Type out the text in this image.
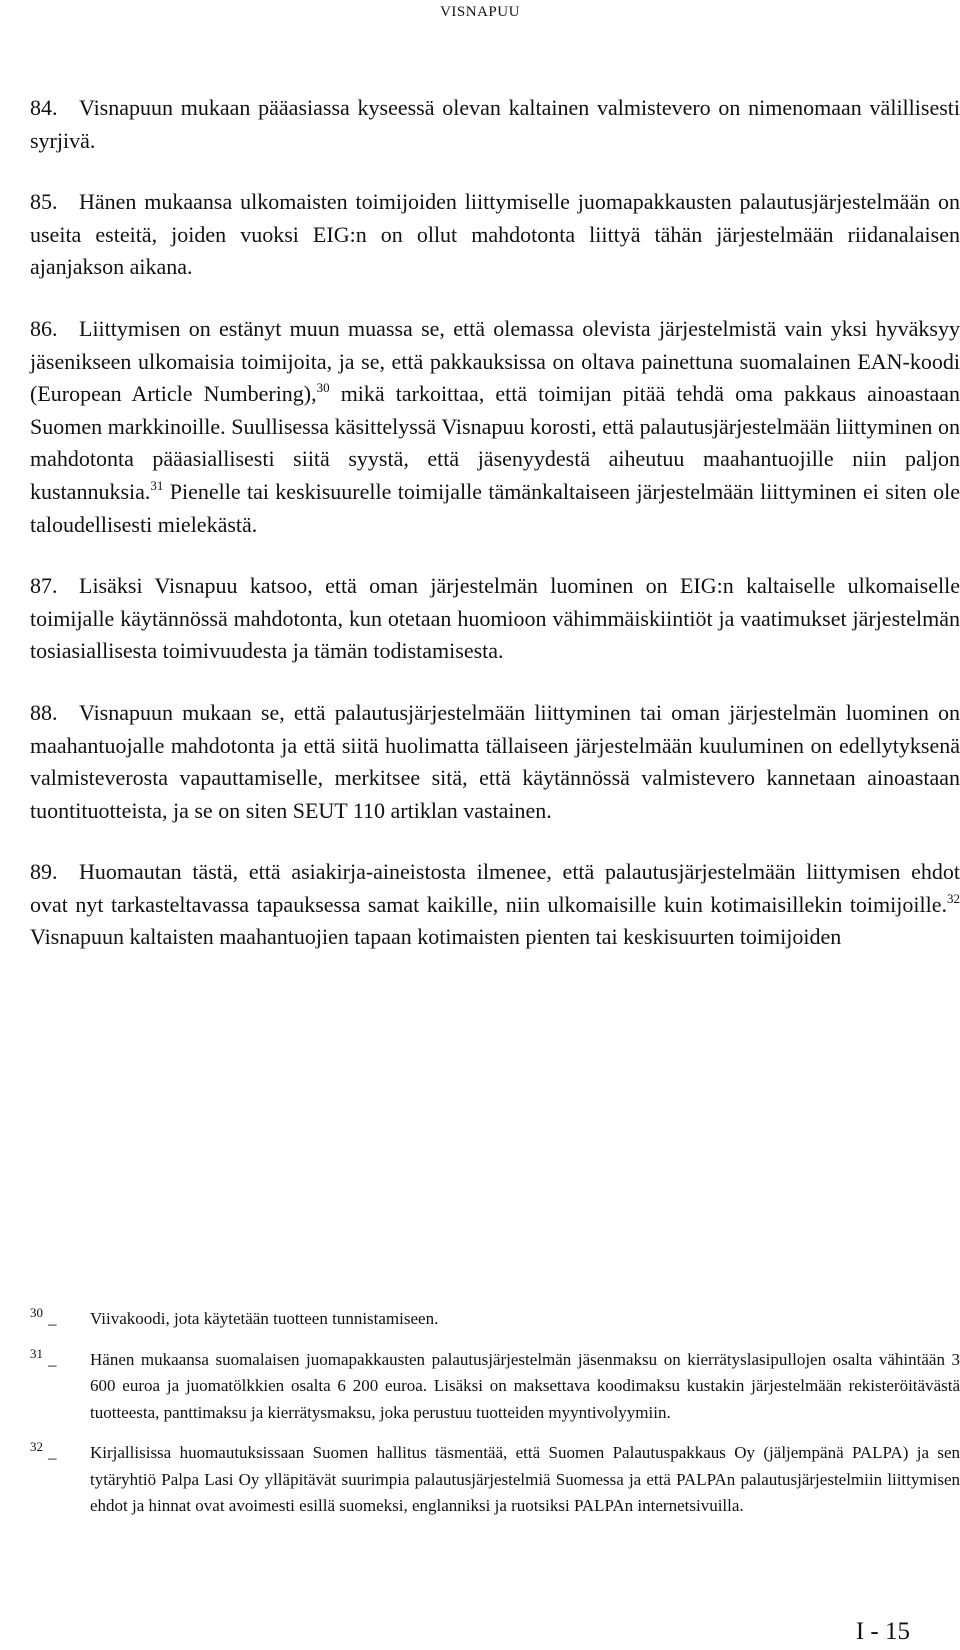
VISNAPUU

84. Visnapuun mukaan pääasiassa kyseessä olevan kaltainen valmistevero on nimenomaan välillisesti syrjivä.

85. Hänen mukaansa ulkomaisten toimijoiden liittymiselle juomapakkausten palautusjärjestelmään on useita esteitä, joiden vuoksi EIG:n on ollut mahdotonta liittyä tähän järjestelmään riidanalaisen ajanjakson aikana.

86. Liittymisen on estänyt muun muassa se, että olemassa olevista järjestelmistä vain yksi hyväksyy jäsenikseen ulkomaisia toimijoita, ja se, että pakkauksissa on oltava painettuna suomalainen EAN-koodi (European Article Numbering),$^{30}$ mikä tarkoittaa, että toimijan pitää tehdä oma pakkaus ainoastaan Suomen markkinoille. Suullisessa käsittelyssä Visnapuu korosti, että palautusjärjestelmään liittyminen on mahdotonta pääasiallisesti siitä syystä, että jäsenyydestä aiheutuu maahantuojille niin paljon kustannuksia.$^{31}$ Pienelle tai keskisuurelle toimijalle tämänkaltaiseen järjestelmään liittyminen ei siten ole taloudellisesti mielekästä.

87. Lisäksi Visnapuu katsoo, että oman järjestelmän luominen on EIG:n kaltaiselle ulkomaiselle toimijalle käytännössä mahdotonta, kun otetaan huomioon vähimmäiskiintiöt ja vaatimukset järjestelmän tosiasiallisesta toimivuudesta ja tämän todistamisesta.

88. Visnapuun mukaan se, että palautusjärjestelmään liittyminen tai oman järjestelmän luominen on maahantuojalle mahdotonta ja että siitä huolimatta tällaiseen järjestelmään kuuluminen on edellytyksenä valmisteverosta vapauttamiselle, merkitsee sitä, että käytännössä valmistevero kannetaan ainoastaan tuontituotteista, ja se on siten SEUT 110 artiklan vastainen.

89. Huomautan tästä, että asiakirja-aineistosta ilmenee, että palautusjärjestelmään liittymisen ehdot ovat nyt tarkasteltavassa tapauksessa samat kaikille, niin ulkomaisille kuin kotimaisillekin toimijoille.$^{32}$ Visnapuun kaltaisten maahantuojien tapaan kotimaisten pienten tai keskisuurten toimijoiden

30
– Viivakoodi, jota käytetään tuotteen tunnistamiseen.
31
– Hänen mukaansa suomalaisen juomapakkausten palautusjärjestelmän jäsenmaksu on kierrätyslasipullojen osalta vähintään 3 600 euroa ja juomatölkkien osalta 6 200 euroa. Lisäksi on maksettava koodimaksu kustakin järjestelmään rekisteröitävästä tuotteesta, panttimaksu ja kierrätysmaksu, joka perustuu tuotteiden myyntivolyymiin.
32
– Kirjallisissa huomautuksissaan Suomen hallitus täsmentää, että Suomen Palautuspakkaus Oy (jäljempänä PALPA) ja sen tytäryhtiö Palpa Lasi Oy ylläpitävät suurimpia palautusjärjestelmiä Suomessa ja että PALPAn palautusjärjestelmiin liittymisen ehdot ja hinnat ovat avoimesti esillä suomeksi, englanniksi ja ruotsiksi PALPAn internetsivuilla.
I - 15
